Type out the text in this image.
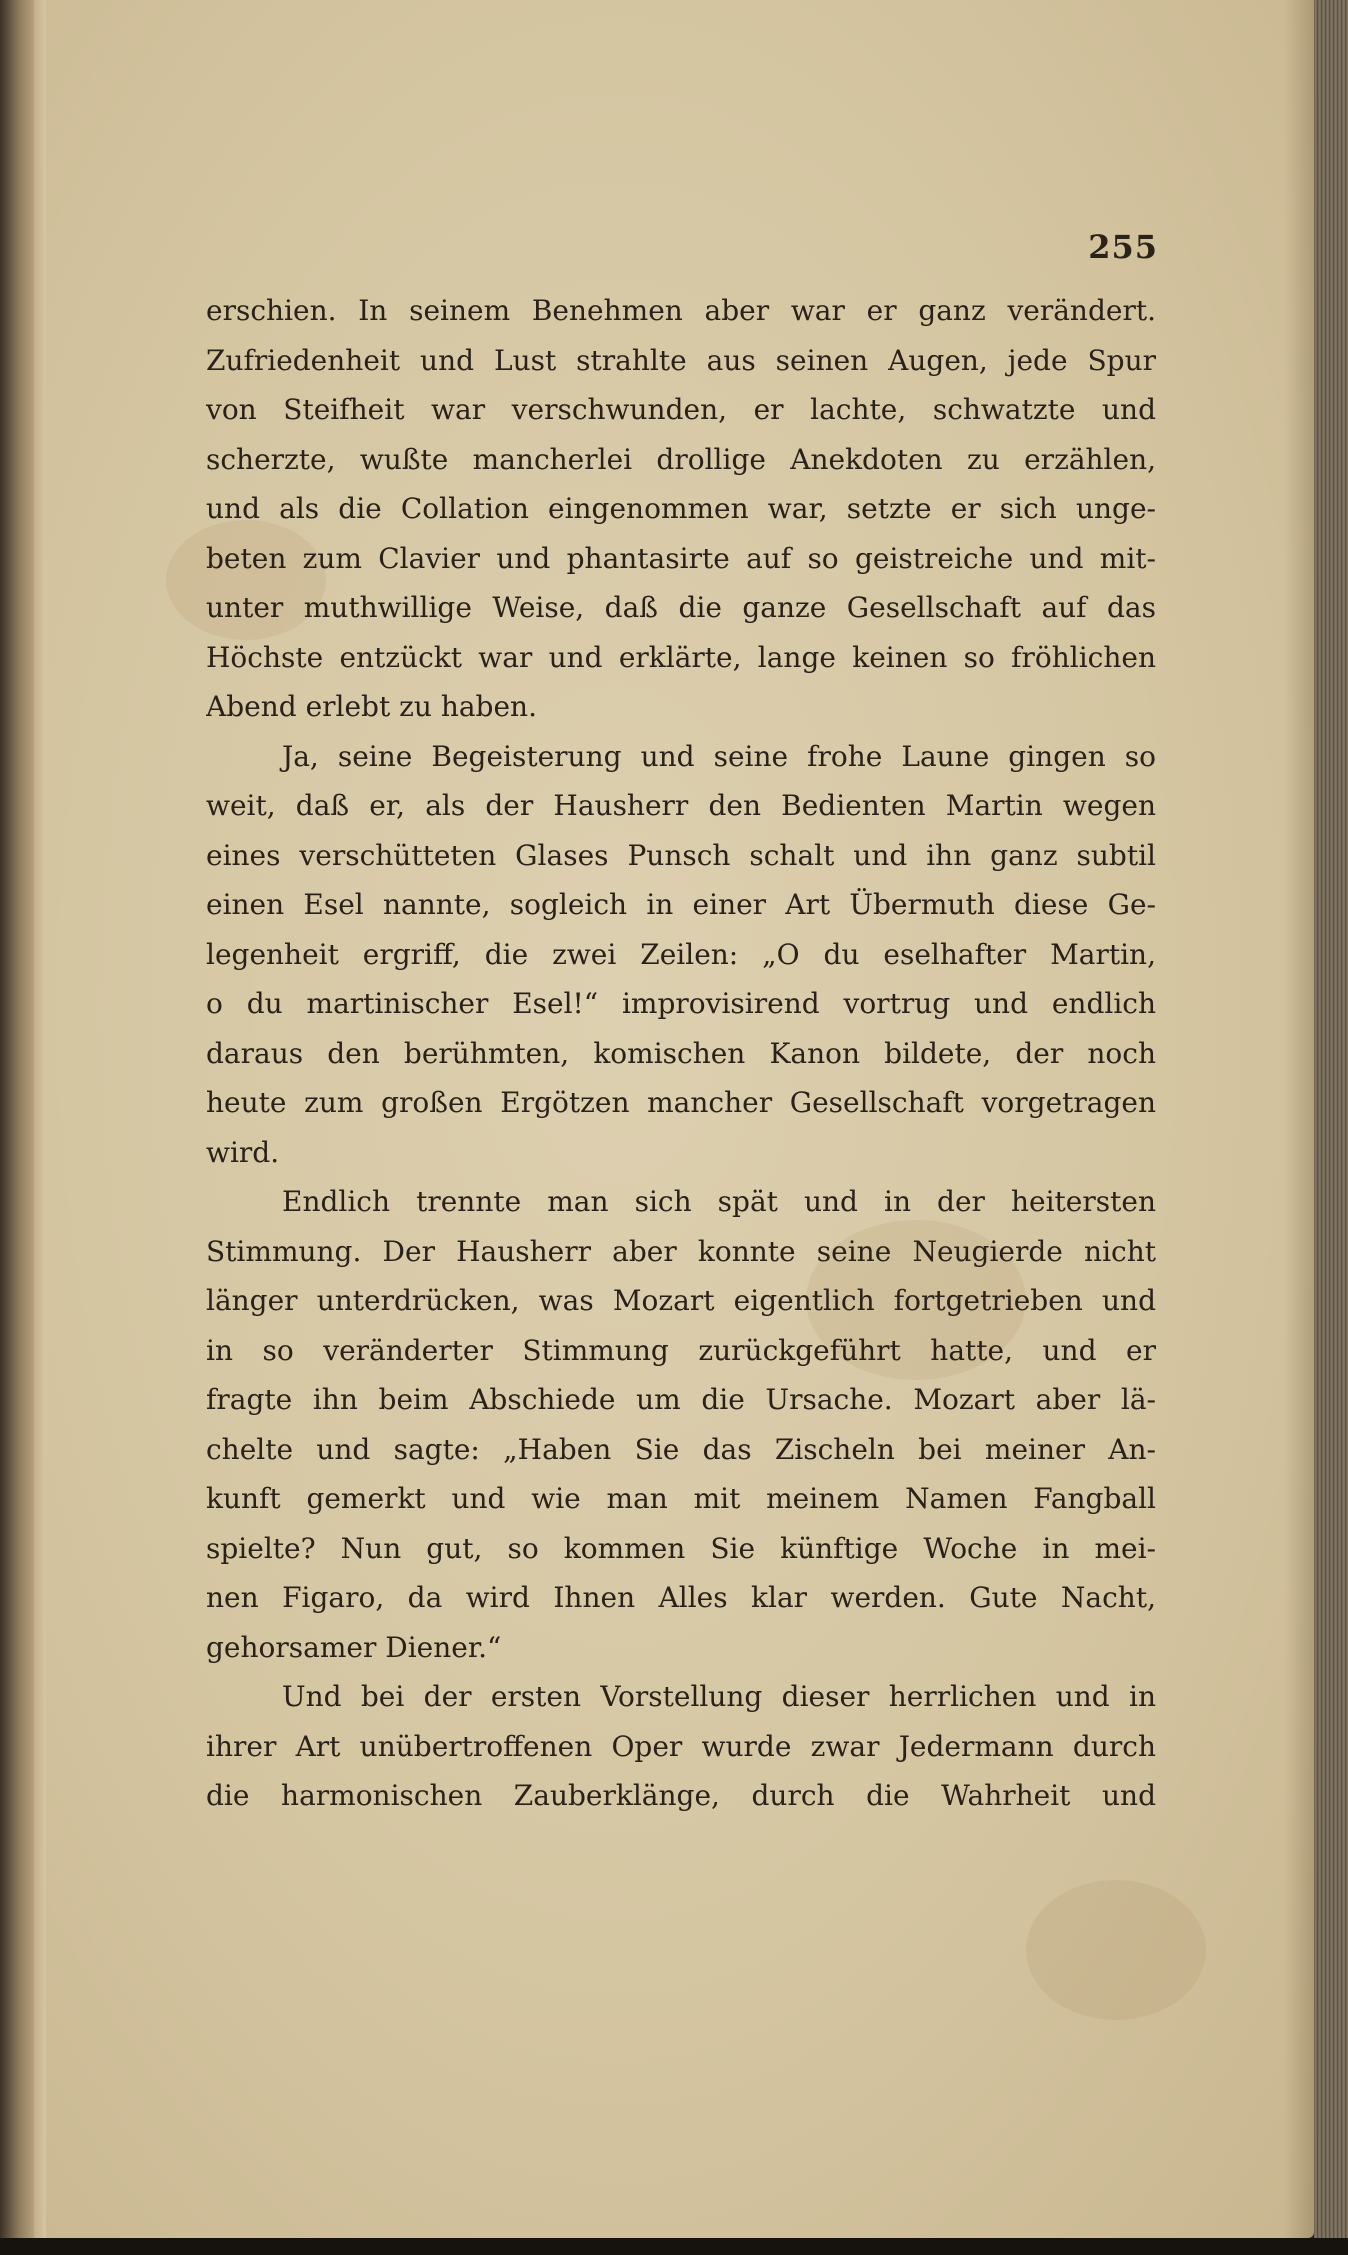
255
erschien. In seinem Benehmen aber war er ganz verändert.
Zufriedenheit und Lust strahlte aus seinen Augen, jede Spur
von Steifheit war verschwunden, er lachte, schwatzte und
scherzte, wußte mancherlei drollige Anekdoten zu erzählen,
und als die Collation eingenommen war, setzte er sich unge-
beten zum Clavier und phantasirte auf so geistreiche und mit-
unter muthwillige Weise, daß die ganze Gesellschaft auf das
Höchste entzückt war und erklärte, lange keinen so fröhlichen
Abend erlebt zu haben.
Ja, seine Begeisterung und seine frohe Laune gingen so
weit, daß er, als der Hausherr den Bedienten Martin wegen
eines verschütteten Glases Punsch schalt und ihn ganz subtil
einen Esel nannte, sogleich in einer Art Übermuth diese Ge-
legenheit ergriff, die zwei Zeilen: „O du eselhafter Martin,
o du martinischer Esel!“ improvisirend vortrug und endlich
daraus den berühmten, komischen Kanon bildete, der noch
heute zum großen Ergötzen mancher Gesellschaft vorgetragen
wird.
Endlich trennte man sich spät und in der heitersten
Stimmung. Der Hausherr aber konnte seine Neugierde nicht
länger unterdrücken, was Mozart eigentlich fortgetrieben und
in so veränderter Stimmung zurückgeführt hatte, und er
fragte ihn beim Abschiede um die Ursache. Mozart aber lä-
chelte und sagte: „Haben Sie das Zischeln bei meiner An-
kunft gemerkt und wie man mit meinem Namen Fangball
spielte? Nun gut, so kommen Sie künftige Woche in mei-
nen Figaro, da wird Ihnen Alles klar werden. Gute Nacht,
gehorsamer Diener.“
Und bei der ersten Vorstellung dieser herrlichen und in
ihrer Art unübertroffenen Oper wurde zwar Jedermann durch
die harmonischen Zauberklänge, durch die Wahrheit und
